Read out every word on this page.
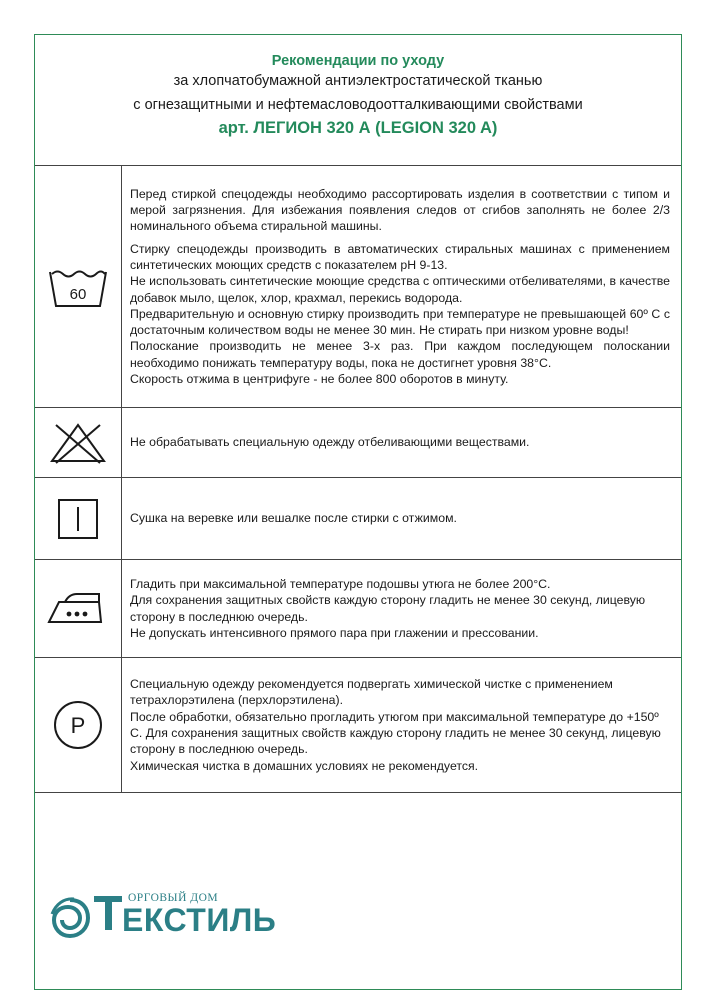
Рекомендации по уходу
за хлопчатобумажной антиэлектростатической тканью
с огнезащитными и нефтемасловодоотталкивающими свойствами
арт. ЛЕГИОН 320 А (LEGION 320 A)
60

Перед стиркой спецодежды необходимо рассортировать изделия в соответствии с типом и мерой загрязнения. Для избежания появления следов от сгибов заполнять не более 2/3 номинального объема стиральной машины.

Стирку спецодежды производить в автоматических стиральных машинах с применением синтетических моющих средств с показателем рН 9-13.

Не использовать синтетические моющие средства с оптическими отбеливателями, в качестве добавок мыло, щелок, хлор, крахмал, перекись водорода.

Предварительную и основную стирку производить при температуре не превышающей 60º С с достаточным количеством воды не менее 30 мин. Не стирать при низком уровне воды!

Полоскание производить не менее 3-х раз. При каждом последующем полоскании необходимо понижать температуру воды, пока не достигнет уровня 38°С.

Скорость отжима в центрифуге - не более 800 оборотов в минуту.

Не обрабатывать специальную одежду отбеливающими веществами.
Сушка на веревке или вешалке после стирки с отжимом.

Гладить при максимальной температуре подошвы утюга не более 200°С.

Для сохранения защитных свойств каждую сторону гладить не менее 30 секунд, лицевую сторону в последнюю очередь.

Не допускать интенсивного прямого пара при глажении и прессовании.

P

Специальную одежду рекомендуется подвергать химической чистке с применением тетрахлорэтилена (перхлорэтилена).

После обработки, обязательно прогладить утюгом при максимальной температуре до +150º С. Для сохранения защитных свойств каждую сторону гладить не менее 30 секунд, лицевую сторону в последнюю очередь.

Химическая чистка в домашних условиях не рекомендуется.

ОРГОВЫЙ ДОМ
ЕКСТИЛЬ
